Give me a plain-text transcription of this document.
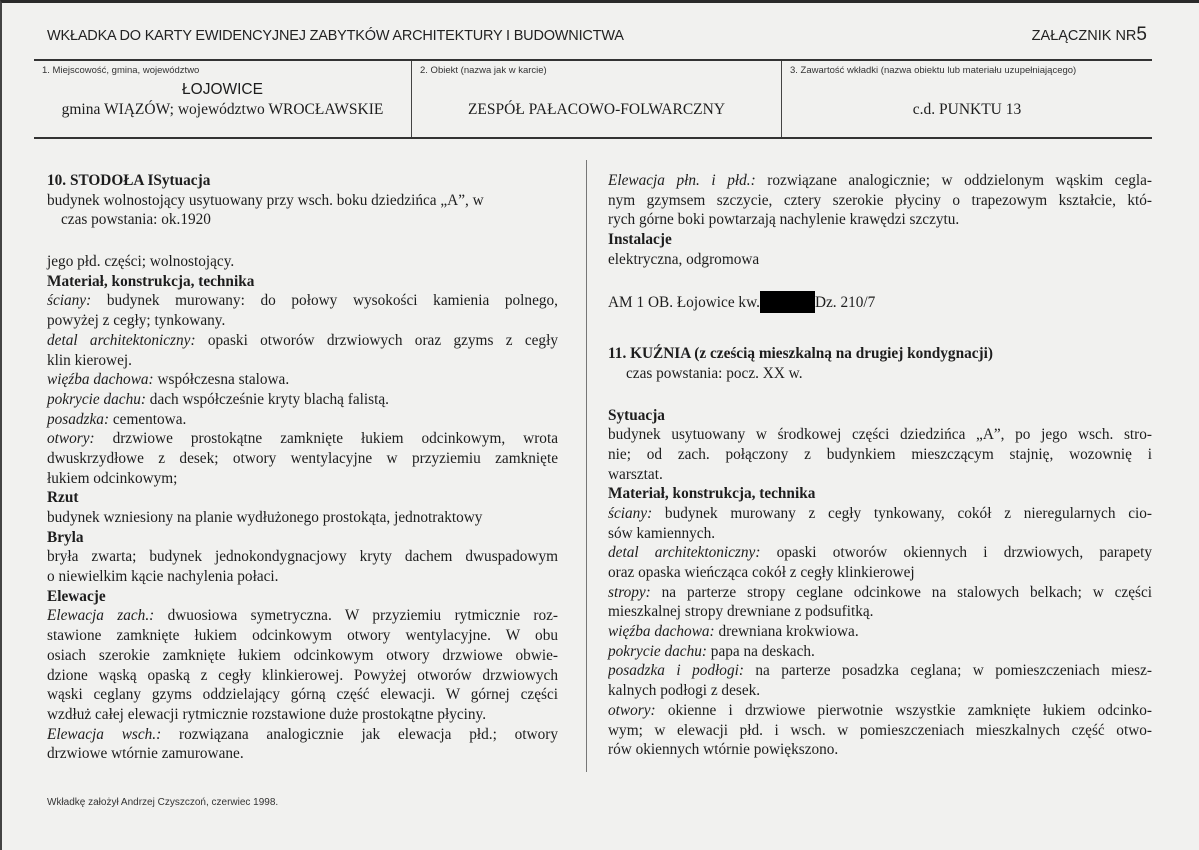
WKŁADKA DO KARTY EWIDENCYJNEJ ZABYTKÓW ARCHITEKTURY I BUDOWNICTWA	ZAŁĄCZNIK NR5
1. Miejscowość, gmina, województwo
ŁOJOWICE
gmina WIĄZÓW; województwo WROCŁAWSKIE
2. Obiekt (nazwa jak w karcie)
ZESPÓŁ PAŁACOWO-FOLWARCZNY
3. Zawartość wkładki (nazwa obiektu lub materiału uzupełniającego)
c.d. PUNKTU 13
10. STODOŁA ISytuacja
budynek wolnostojący usytuowany przy wsch. boku dziedzińca „A”, w
czas powstania: ok.1920
jego płd. części; wolnostojący.
Materiał, konstrukcja, technika
ściany: budynek murowany: do połowy wysokości kamienia polnego,
powyżej z cegły; tynkowany.
detal architektoniczny: opaski otworów drzwiowych oraz gzyms z cegły
klin kierowej.
więźba dachowa: współczesna stalowa.
pokrycie dachu: dach współcześnie kryty blachą falistą.
posadzka: cementowa.
otwory: drzwiowe prostokątne zamknięte łukiem odcinkowym, wrota
dwuskrzydłowe z desek; otwory wentylacyjne w przyziemiu zamknięte
łukiem odcinkowym;
Rzut
budynek wzniesiony na planie wydłużonego prostokąta, jednotraktowy
Bryla
bryła zwarta; budynek jednokondygnacjowy kryty dachem dwuspadowym
o niewielkim kącie nachylenia połaci.
Elewacje
Elewacja zach.: dwuosiowa symetryczna. W przyziemiu rytmicznie roz-
stawione zamknięte łukiem odcinkowym otwory wentylacyjne. W obu
osiach szerokie zamknięte łukiem odcinkowym otwory drzwiowe obwie-
dzione wąską opaską z cegły klinkierowej. Powyżej otworów drzwiowych
wąski ceglany gzyms oddzielający górną część elewacji. W górnej części
wzdłuż całej elewacji rytmicznie rozstawione duże prostokątne płyciny.
Elewacja wsch.: rozwiązana analogicznie jak elewacja płd.; otwory
drzwiowe wtórnie zamurowane.
Elewacja płn. i płd.: rozwiązane analogicznie; w oddzielonym wąskim cegla-
nym gzymsem szczycie, cztery szerokie płyciny o trapezowym kształcie, któ-
rych górne boki powtarzają nachylenie krawędzi szczytu.
Instalacje
elektryczna, odgromowa
AM 1 OB. Łojowice kw.	Dz. 210/7
11. KUŹNIA (z cześcią mieszkalną na drugiej kondygnacji)
czas powstania: pocz. XX w.
Sytuacja
budynek usytuowany w środkowej części dziedzińca „A”, po jego wsch. stro-
nie; od zach. połączony z budynkiem mieszczącym stajnię, wozownię i
warsztat.
Materiał, konstrukcja, technika
ściany: budynek murowany z cegły tynkowany, cokół z nieregularnych cio-
sów kamiennych.
detal architektoniczny: opaski otworów okiennych i drzwiowych, parapety
oraz opaska wieńcząca cokół z cegły klinkierowej
stropy: na parterze stropy ceglane odcinkowe na stalowych belkach; w części
mieszkalnej stropy drewniane z podsufitką.
więźba dachowa: drewniana krokwiowa.
pokrycie dachu: papa na deskach.
posadzka i podłogi: na parterze posadzka ceglana; w pomieszczeniach miesz-
kalnych podłogi z desek.
otwory: okienne i drzwiowe pierwotnie wszystkie zamknięte łukiem odcinko-
wym; w elewacji płd. i wsch. w pomieszczeniach mieszkalnych część otwo-
rów okiennych wtórnie powiększono.
Wkładkę założył Andrzej Czyszczoń, czerwiec 1998.
